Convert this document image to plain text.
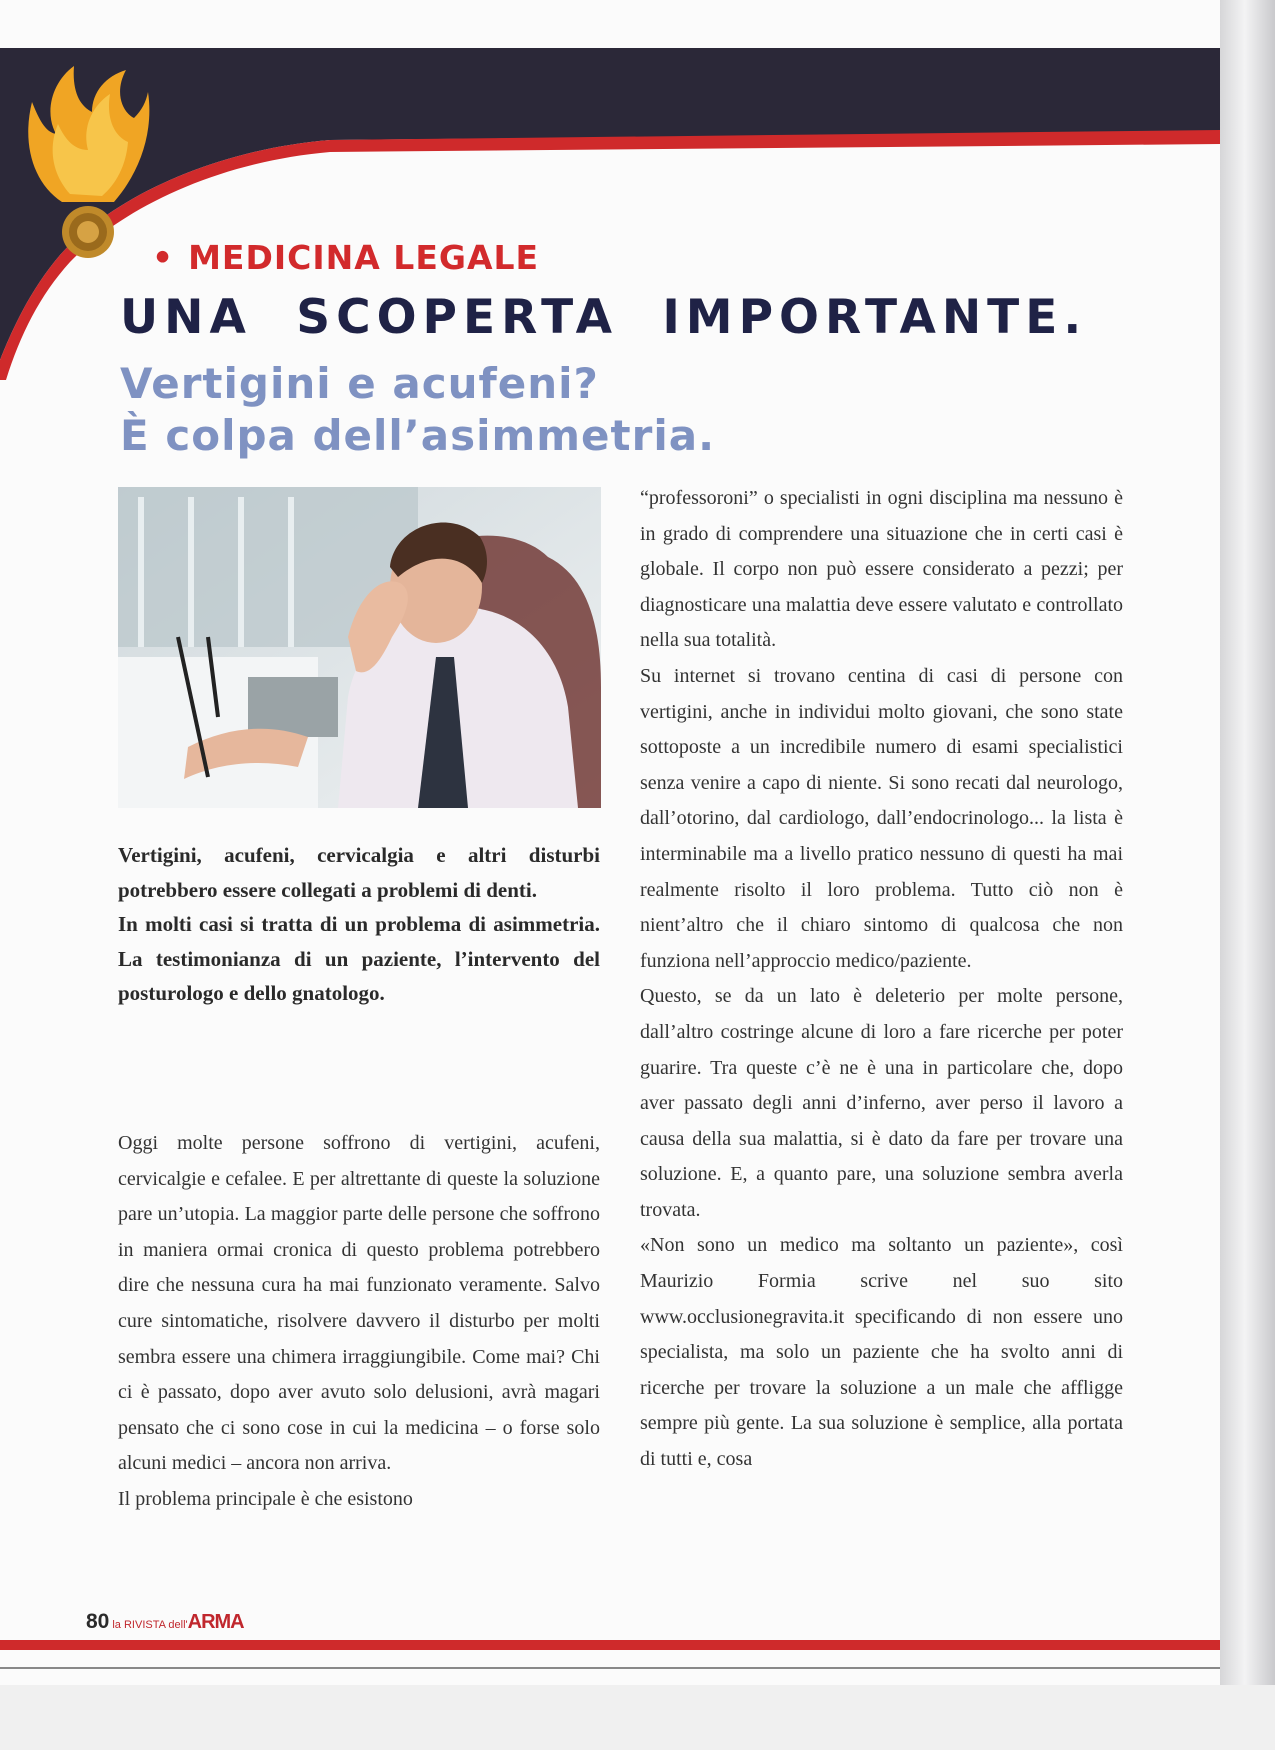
• MEDICINA LEGALE
UNA SCOPERTA IMPORTANTE.
Vertigini e acufeni?
È colpa dell’asimmetria.

Vertigini, acufeni, cervicalgia e altri disturbi potrebbero essere collegati a problemi di denti.

In molti casi si tratta di un problema di asimmetria. La testimonianza di un paziente, l’intervento del posturologo e dello gnatologo.

Oggi molte persone soffrono di vertigini, acufeni, cervicalgie e cefalee. E per altrettante di queste la soluzione pare un’utopia. La maggior parte delle persone che soffrono in maniera ormai cronica di questo problema potrebbero dire che nessuna cura ha mai funzionato veramente. Salvo cure sintomatiche, risolvere davvero il disturbo per molti sembra essere una chimera irraggiungibile. Come mai? Chi ci è passato, dopo aver avuto solo delusioni, avrà magari pensato che ci sono cose in cui la medicina – o forse solo alcuni medici – ancora non arriva.

Il problema principale è che esistono

“professoroni” o specialisti in ogni disciplina ma nessuno è in grado di comprendere una situazione che in certi casi è globale. Il corpo non può essere considerato a pezzi; per diagnosticare una malattia deve essere valutato e controllato nella sua totalità.

Su internet si trovano centina di casi di persone con vertigini, anche in individui molto giovani, che sono state sottoposte a un incredibile numero di esami specialistici senza venire a capo di niente. Si sono recati dal neurologo, dall’otorino, dal cardiologo, dall’endocrinologo... la lista è interminabile ma a livello pratico nessuno di questi ha mai realmente risolto il loro problema. Tutto ciò non è nient’altro che il chiaro sintomo di qualcosa che non funziona nell’approccio medico/paziente.

Questo, se da un lato è deleterio per molte persone, dall’altro costringe alcune di loro a fare ricerche per poter guarire. Tra queste c’è ne è una in particolare che, dopo aver passato degli anni d’inferno, aver perso il lavoro a causa della sua malattia, si è dato da fare per trovare una soluzione. E, a quanto pare, una soluzione sembra averla trovata.

«Non sono un medico ma soltanto un paziente», così Maurizio Formia scrive nel suo sito www.occlusionegravita.it specificando di non essere uno specialista, ma solo un paziente che ha svolto anni di ricerche per trovare la soluzione a un male che affligge sempre più gente. La sua soluzione è semplice, alla portata di tutti e, cosa

80 la RIVISTA dell'ARMA
